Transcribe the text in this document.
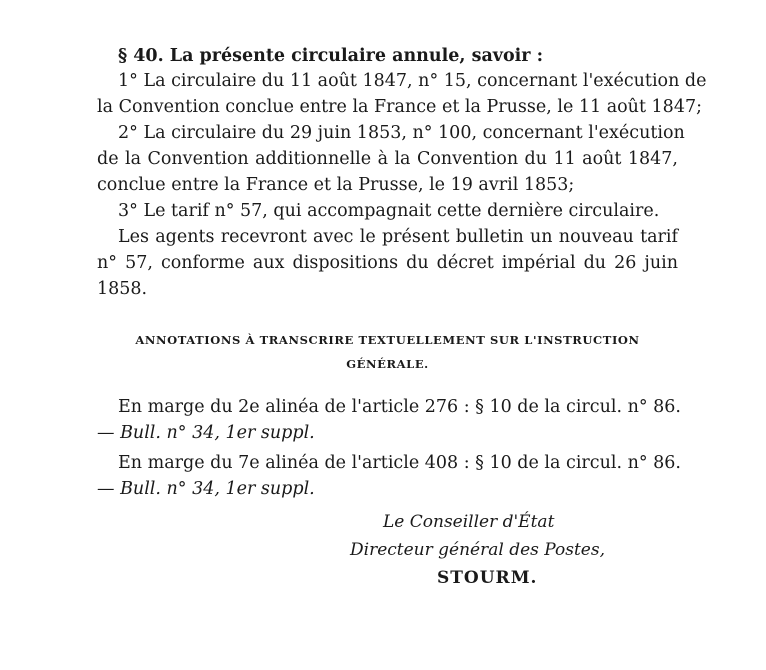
§ 40. La présente circulaire annule, savoir :
1° La circulaire du 11 août 1847, n° 15, concernant l'exécution de
la Convention conclue entre la France et la Prusse, le 11 août 1847;
2° La circulaire du 29 juin 1853, n° 100, concernant l'exécution
de la Convention additionnelle à la Convention du 11 août 1847,
conclue entre la France et la Prusse, le 19 avril 1853;
3° Le tarif n° 57, qui accompagnait cette dernière circulaire.
Les agents recevront avec le présent bulletin un nouveau tarif
n° 57, conforme aux dispositions du décret impérial du 26 juin
1858.
ANNOTATIONS À TRANSCRIRE TEXTUELLEMENT SUR L'INSTRUCTION
GÉNÉRALE.
En marge du 2e alinéa de l'article 276 : § 10 de la circul. n° 86.
— Bull. n° 34, 1er suppl.
En marge du 7e alinéa de l'article 408 : § 10 de la circul. n° 86.
— Bull. n° 34, 1er suppl.
Le Conseiller d'État
Directeur général des Postes,
STOURM.
